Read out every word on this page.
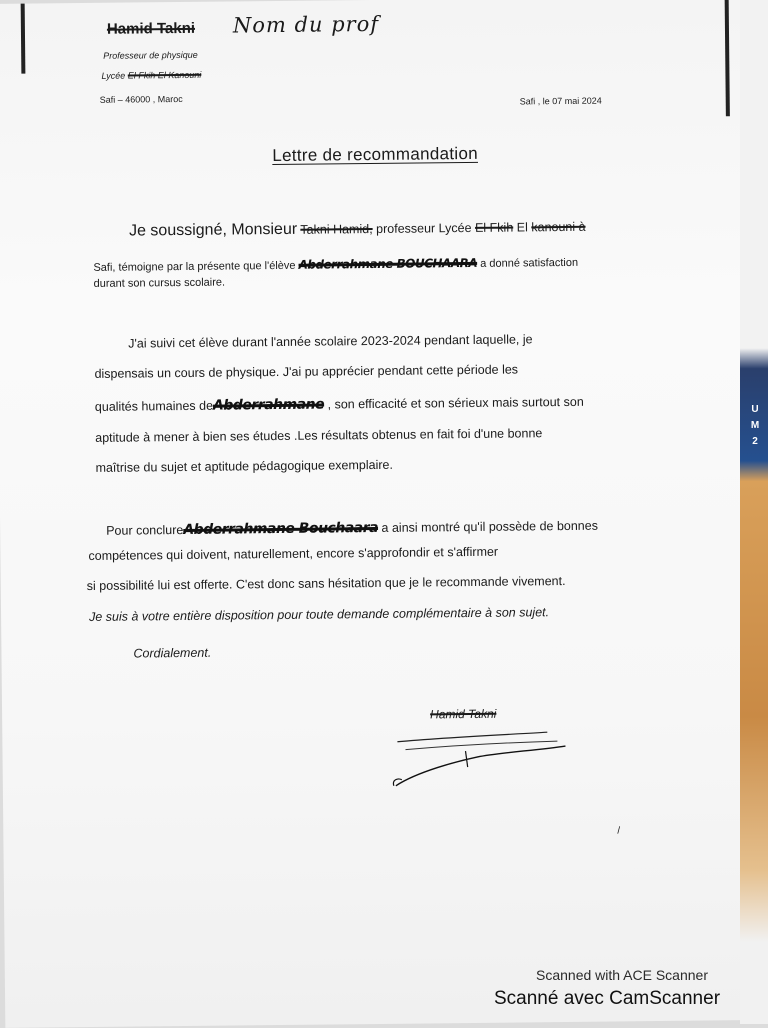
Hamid Takni Nom du prof
Professeur de physique
Lycée El Fkih El Kanouni
Safi – 46000 , Maroc	Safi , le 07 mai 2024
Lettre de recommandation
Je soussigné, Monsieur Takni Hamid, professeur Lycée El Fkih El kanouni à
Safi, témoigne par la présente que l'élève Abderrahmane BOUCHAARA a donné satisfaction
durant son cursus scolaire.
J'ai suivi cet élève durant l'année scolaire 2023-2024 pendant laquelle, je
dispensais un cours de physique. J'ai pu apprécier pendant cette période les
qualités humaines deAbderrahmane , son efficacité et son sérieux mais surtout son
aptitude à mener à bien ses études .Les résultats obtenus en fait foi d'une bonne
maîtrise du sujet et aptitude pédagogique exemplaire.
Pour conclureAbderrahmane Bouchaara a ainsi montré qu'il possède de bonnes
compétences qui doivent, naturellement, encore s'approfondir et s'affirmer
si possibilité lui est offerte. C'est donc sans hésitation que je le recommande vivement.
Je suis à votre entière disposition pour toute demande complémentaire à son sujet.
Cordialement.
Hamid Takni
/
U
M
2
Scanned with ACE Scanner
Scanné avec CamScanner
